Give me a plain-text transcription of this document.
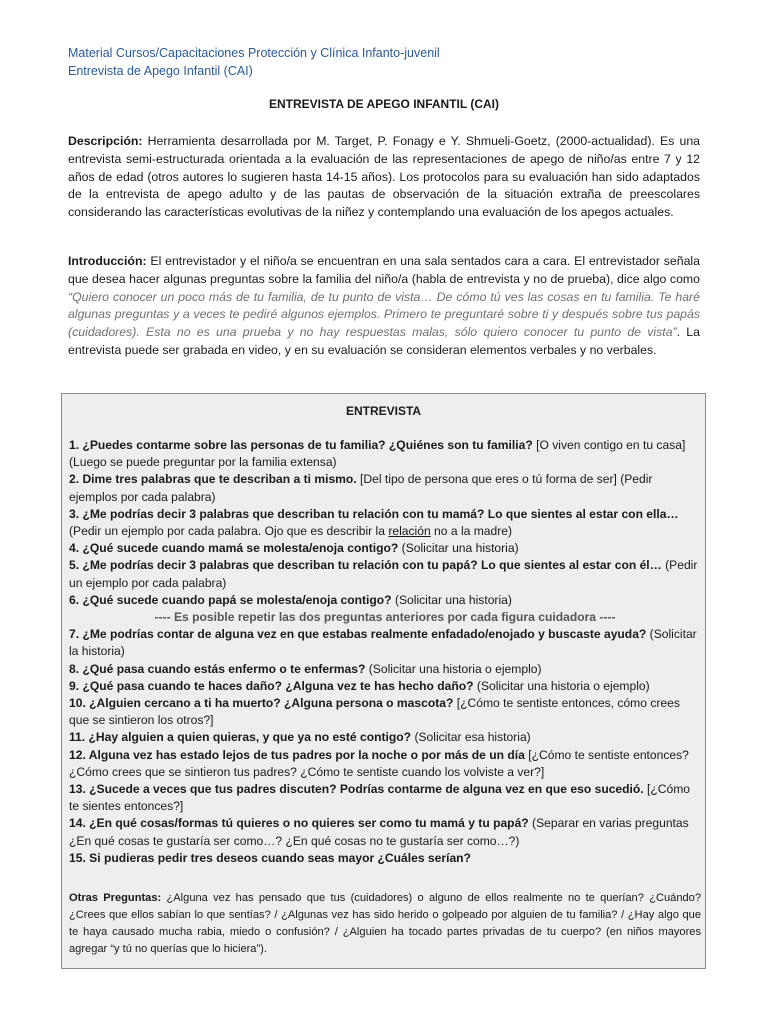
Material Cursos/Capacitaciones Protección y Clínica Infanto-juvenil
Entrevista de Apego Infantil (CAI)
ENTREVISTA DE APEGO INFANTIL (CAI)
Descripción: Herramienta desarrollada por M. Target, P. Fonagy e Y. Shmueli-Goetz, (2000-actualidad). Es una entrevista semi-estructurada orientada a la evaluación de las representaciones de apego de niño/as entre 7 y 12 años de edad (otros autores lo sugieren hasta 14-15 años). Los protocolos para su evaluación han sido adaptados de la entrevista de apego adulto y de las pautas de observación de la situación extraña de preescolares considerando las características evolutivas de la niñez y contemplando una evaluación de los apegos actuales.
Introducción: El entrevistador y el niño/a se encuentran en una sala sentados cara a cara. El entrevistador señala que desea hacer algunas preguntas sobre la familia del niño/a (habla de entrevista y no de prueba), dice algo como “Quiero conocer un poco más de tu familia, de tu punto de vista… De cómo tú ves las cosas en tu familia. Te haré algunas preguntas y a veces te pediré algunos ejemplos. Primero te preguntaré sobre ti y después sobre tus papás (cuidadores). Esta no es una prueba y no hay respuestas malas, sólo quiero conocer tu punto de vista”. La entrevista puede ser grabada en video, y en su evaluación se consideran elementos verbales y no verbales.
ENTREVISTA

1. ¿Puedes contarme sobre las personas de tu familia? ¿Quiénes son tu familia? [O viven contigo en tu casa] (Luego se puede preguntar por la familia extensa)

2. Dime tres palabras que te describan a ti mismo. [Del tipo de persona que eres o tú forma de ser] (Pedir ejemplos por cada palabra)

3. ¿Me podrías decir 3 palabras que describan tu relación con tu mamá? Lo que sientes al estar con ella… (Pedir un ejemplo por cada palabra. Ojo que es describir la relación no a la madre)

4. ¿Qué sucede cuando mamá se molesta/enoja contigo? (Solicitar una historia)

5. ¿Me podrías decir 3 palabras que describan tu relación con tu papá? Lo que sientes al estar con él… (Pedir un ejemplo por cada palabra)

6. ¿Qué sucede cuando papá se molesta/enoja contigo? (Solicitar una historia)

---- Es posible repetir las dos preguntas anteriores por cada figura cuidadora ----

7. ¿Me podrías contar de alguna vez en que estabas realmente enfadado/enojado y buscaste ayuda? (Solicitar la historia)

8. ¿Qué pasa cuando estás enfermo o te enfermas? (Solicitar una historia o ejemplo)

9. ¿Qué pasa cuando te haces daño? ¿Alguna vez te has hecho daño? (Solicitar una historia o ejemplo)

10. ¿Alguien cercano a ti ha muerto? ¿Alguna persona o mascota? [¿Cómo te sentiste entonces, cómo crees que se sintieron los otros?]

11. ¿Hay alguien a quien quieras, y que ya no esté contigo? (Solicitar esa historia)

12. Alguna vez has estado lejos de tus padres por la noche o por más de un día [¿Cómo te sentiste entonces? ¿Cómo crees que se sintieron tus padres? ¿Cómo te sentiste cuando los volviste a ver?]

13. ¿Sucede a veces que tus padres discuten? Podrías contarme de alguna vez en que eso sucedió. [¿Cómo te sientes entonces?]

14. ¿En qué cosas/formas tú quieres o no quieres ser como tu mamá y tu papá? (Separar en varias preguntas ¿En qué cosas te gustaría ser como…? ¿En qué cosas no te gustaría ser como…?)

15. Si pudieras pedir tres deseos cuando seas mayor ¿Cuáles serían?

Otras Preguntas: ¿Alguna vez has pensado que tus (cuidadores) o alguno de ellos realmente no te querían? ¿Cuándo? ¿Crees que ellos sabían lo que sentías? / ¿Algunas vez has sido herido o golpeado por alguien de tu familia? / ¿Hay algo que te haya causado mucha rabia, miedo o confusión? / ¿Alguien ha tocado partes privadas de tu cuerpo? (en niños mayores agregar “y tú no querías que lo hiciera”).
